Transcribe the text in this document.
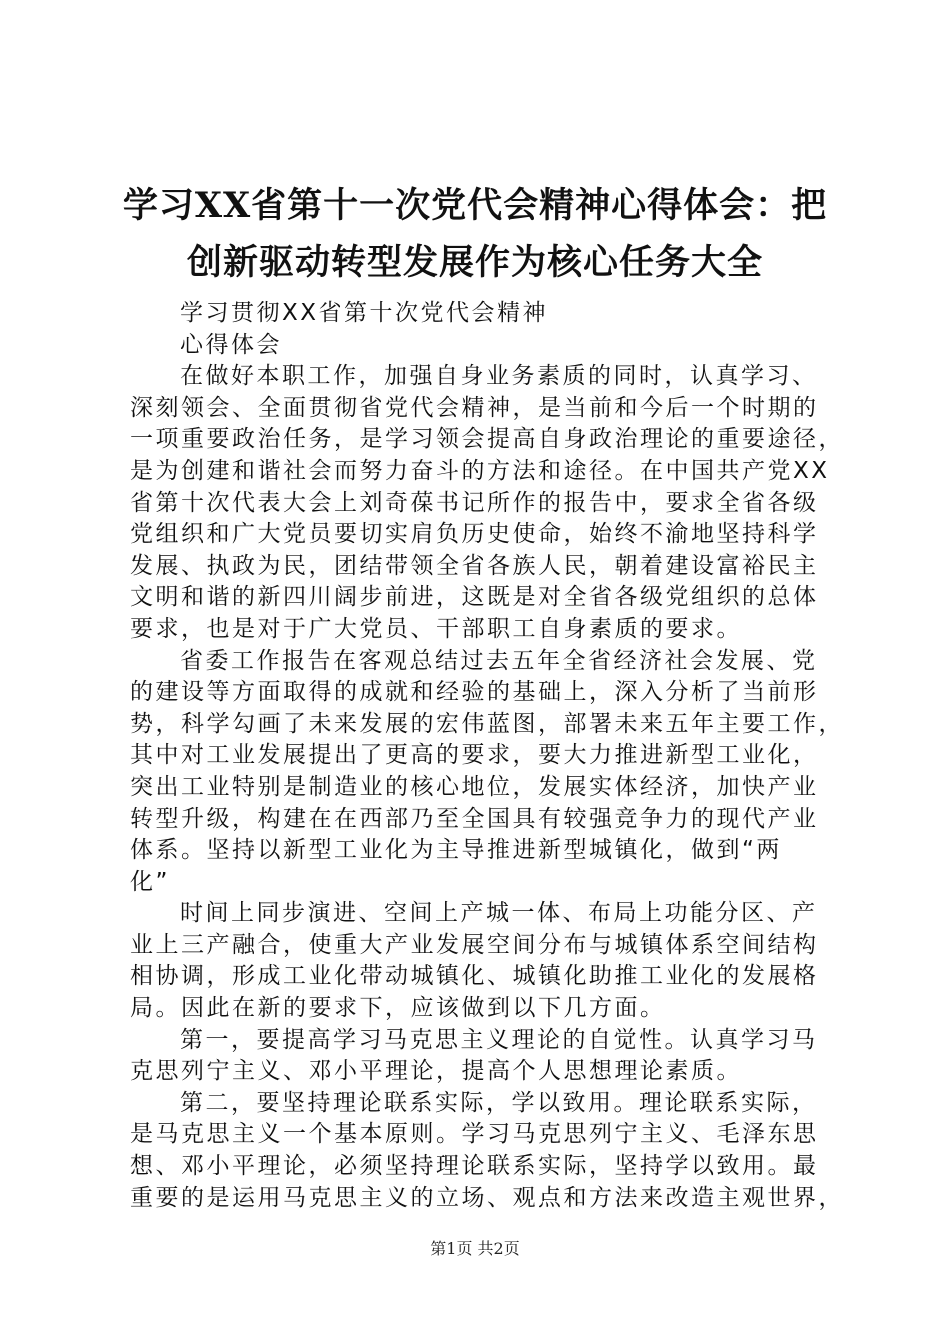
学习XX省第十一次党代会精神心得体会：把
创新驱动转型发展作为核心任务大全
学习贯彻XX省第十次党代会精神
心得体会
在做好本职工作，加强自身业务素质的同时，认真学习、
深刻领会、全面贯彻省党代会精神，是当前和今后一个时期的
一项重要政治任务，是学习领会提高自身政治理论的重要途径，
是为创建和谐社会而努力奋斗的方法和途径。在中国共产党XX
省第十次代表大会上刘奇葆书记所作的报告中，要求全省各级
党组织和广大党员要切实肩负历史使命，始终不渝地坚持科学
发展、执政为民，团结带领全省各族人民，朝着建设富裕民主
文明和谐的新四川阔步前进，这既是对全省各级党组织的总体
要求，也是对于广大党员、干部职工自身素质的要求。
省委工作报告在客观总结过去五年全省经济社会发展、党
的建设等方面取得的成就和经验的基础上，深入分析了当前形
势，科学勾画了未来发展的宏伟蓝图，部署未来五年主要工作，
其中对工业发展提出了更高的要求，要大力推进新型工业化，
突出工业特别是制造业的核心地位，发展实体经济，加快产业
转型升级，构建在在西部乃至全国具有较强竞争力的现代产业
体系。坚持以新型工业化为主导推进新型城镇化，做到“两
化”
时间上同步演进、空间上产城一体、布局上功能分区、产
业上三产融合，使重大产业发展空间分布与城镇体系空间结构
相协调，形成工业化带动城镇化、城镇化助推工业化的发展格
局。因此在新的要求下，应该做到以下几方面。
第一，要提高学习马克思主义理论的自觉性。认真学习马
克思列宁主义、邓小平理论，提高个人思想理论素质。
第二，要坚持理论联系实际，学以致用。理论联系实际，
是马克思主义一个基本原则。学习马克思列宁主义、毛泽东思
想、邓小平理论，必须坚持理论联系实际，坚持学以致用。最
重要的是运用马克思主义的立场、观点和方法来改造主观世界，
第1页 共2页
